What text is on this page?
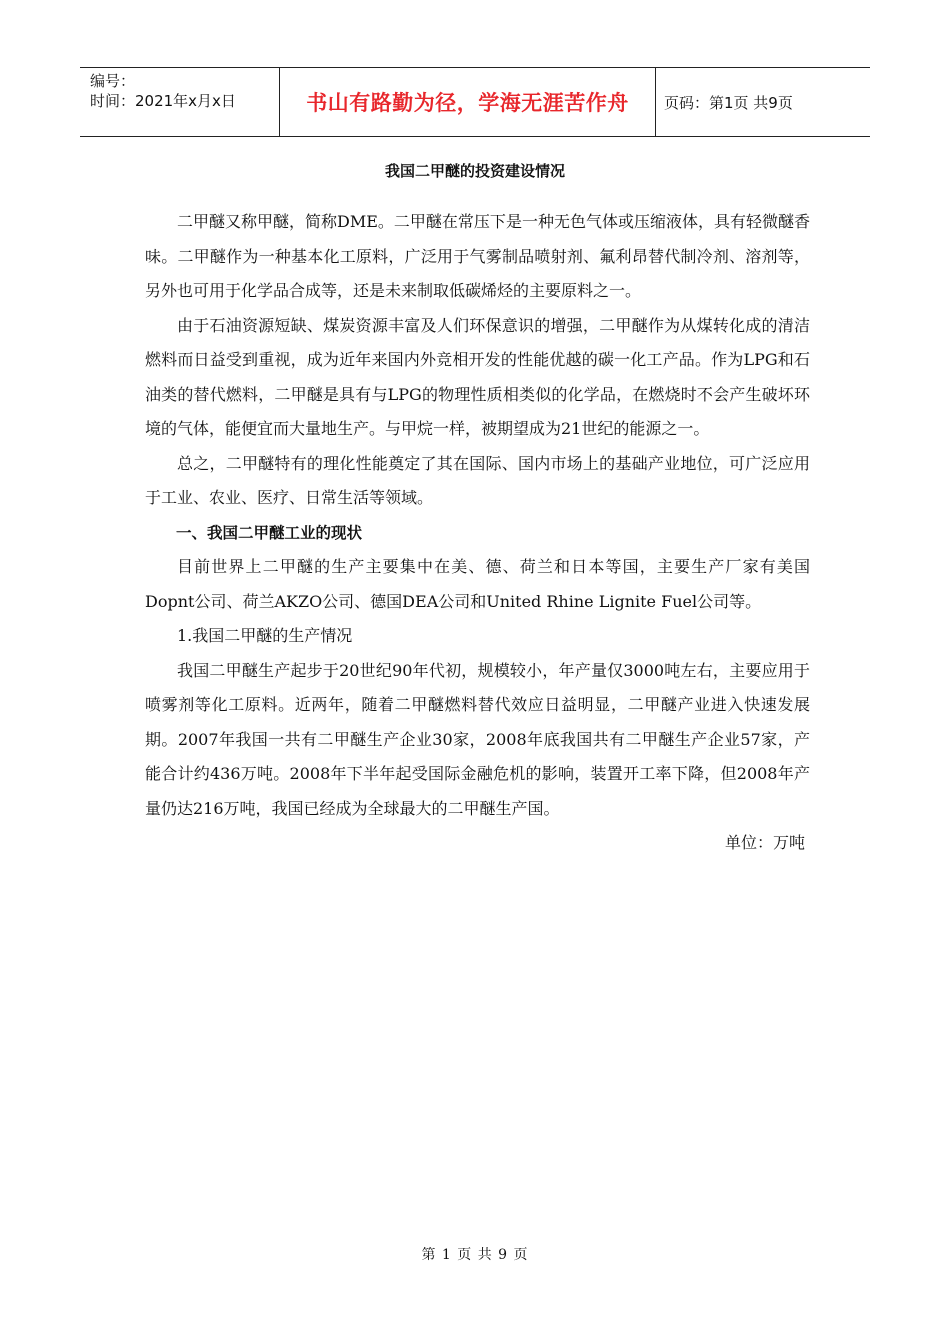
编号：
时间：2021年x月x日	书山有路勤为径，学海无涯苦作舟	页码：第1页 共9页
我国二甲醚的投资建设情况

二甲醚又称甲醚，简称DME。二甲醚在常压下是一种无色气体或压缩液体，具有轻微醚香味。二甲醚作为一种基本化工原料，广泛用于气雾制品喷射剂、氟利昂替代制冷剂、溶剂等，另外也可用于化学品合成等，还是未来制取低碳烯烃的主要原料之一。

由于石油资源短缺、煤炭资源丰富及人们环保意识的增强，二甲醚作为从煤转化成的清洁燃料而日益受到重视，成为近年来国内外竞相开发的性能优越的碳一化工产品。作为LPG和石油类的替代燃料，二甲醚是具有与LPG的物理性质相类似的化学品，在燃烧时不会产生破坏环境的气体，能便宜而大量地生产。与甲烷一样，被期望成为21世纪的能源之一。

总之，二甲醚特有的理化性能奠定了其在国际、国内市场上的基础产业地位，可广泛应用于工业、农业、医疗、日常生活等领域。

一、我国二甲醚工业的现状

目前世界上二甲醚的生产主要集中在美、德、荷兰和日本等国，主要生产厂家有美国Dopnt公司、荷兰AKZO公司、德国DEA公司和United Rhine Lignite Fuel公司等。

1.我国二甲醚的生产情况

我国二甲醚生产起步于20世纪90年代初，规模较小，年产量仅3000吨左右，主要应用于喷雾剂等化工原料。近两年，随着二甲醚燃料替代效应日益明显，二甲醚产业进入快速发展期。2007年我国一共有二甲醚生产企业30家，2008年底我国共有二甲醚生产企业57家，产能合计约436万吨。2008年下半年起受国际金融危机的影响，装置开工率下降，但2008年产量仍达216万吨，我国已经成为全球最大的二甲醚生产国。

单位：万吨

第 1 页 共 9 页
